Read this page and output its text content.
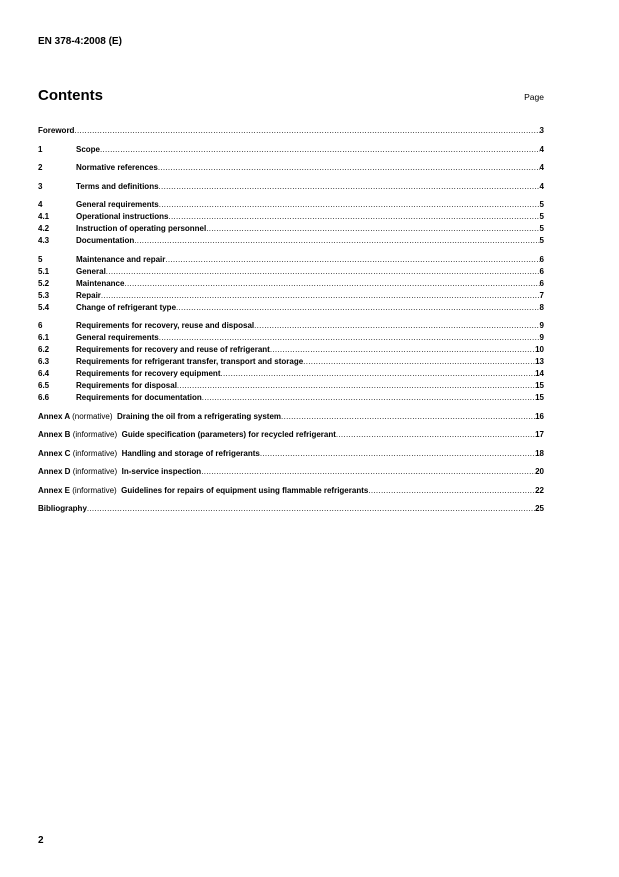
EN 378-4:2008 (E)
Contents	Page
Foreword .....	3
1	Scope .....	4
2	Normative references .....	4
3	Terms and definitions .....	4
4	General requirements .....	5
4.1	Operational instructions .....	5
4.2	Instruction of operating personnel .....	5
4.3	Documentation .....	5
5	Maintenance and repair .....	6
5.1	General .....	6
5.2	Maintenance .....	6
5.3	Repair .....	7
5.4	Change of refrigerant type .....	8
6	Requirements for recovery, reuse and disposal .....	9
6.1	General requirements .....	9
6.2	Requirements for recovery and reuse of refrigerant .....	10
6.3	Requirements for refrigerant transfer, transport and storage .....	13
6.4	Requirements for recovery equipment .....	14
6.5	Requirements for disposal .....	15
6.6	Requirements for documentation .....	15
Annex A (normative) Draining the oil from a refrigerating system .....	16
Annex B (informative) Guide specification (parameters) for recycled refrigerant .....	17
Annex C (informative) Handling and storage of refrigerants .....	18
Annex D (informative) In-service inspection .....	20
Annex E (informative) Guidelines for repairs of equipment using flammable refrigerants .....	22
Bibliography .....	25
2
